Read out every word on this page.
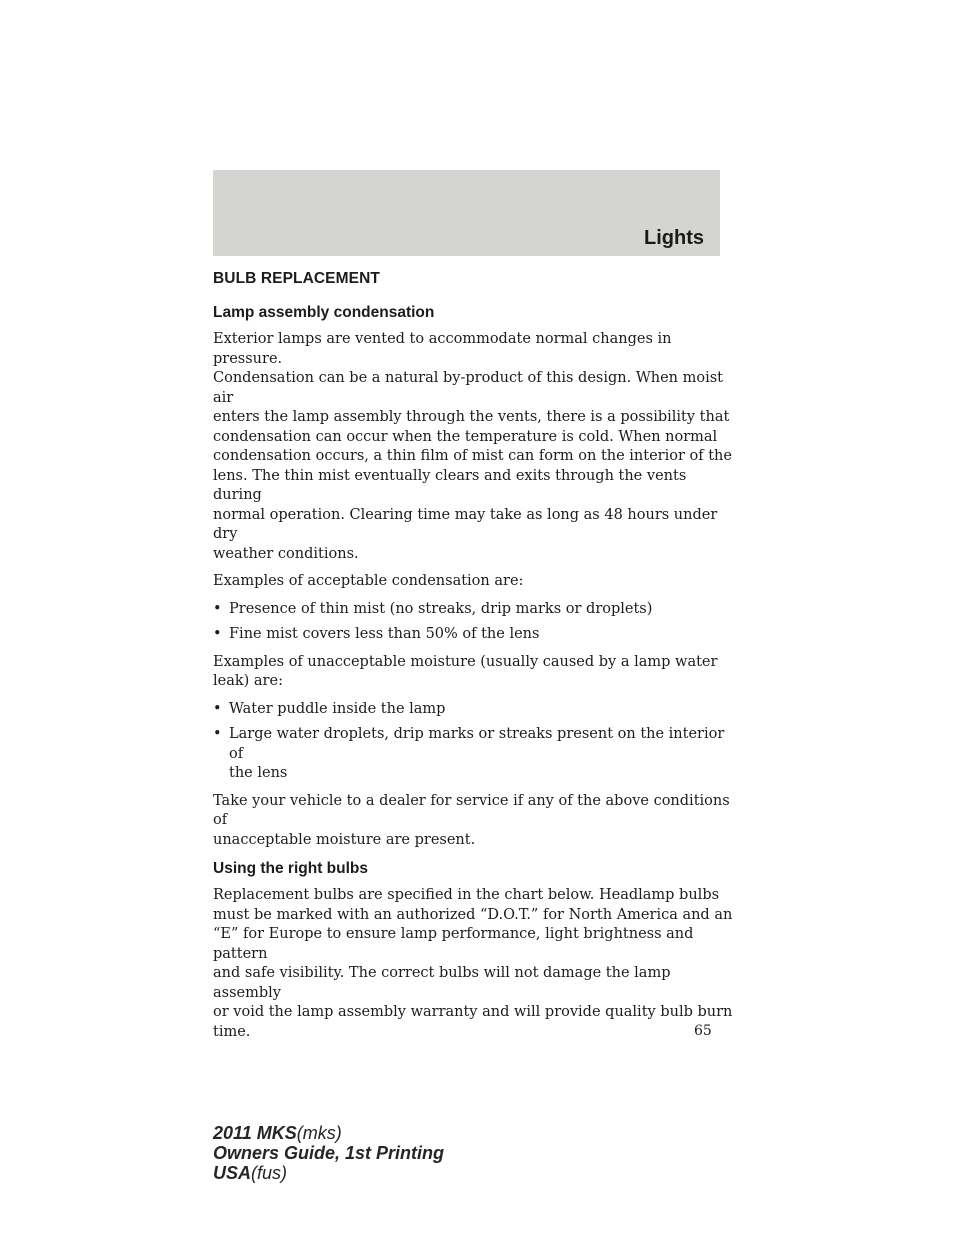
Lights
BULB REPLACEMENT
Lamp assembly condensation

Exterior lamps are vented to accommodate normal changes in pressure.
Condensation can be a natural by-product of this design. When moist air
enters the lamp assembly through the vents, there is a possibility that
condensation can occur when the temperature is cold. When normal
condensation occurs, a thin film of mist can form on the interior of the
lens. The thin mist eventually clears and exits through the vents during
normal operation. Clearing time may take as long as 48 hours under dry
weather conditions.

Examples of acceptable condensation are:

• Presence of thin mist (no streaks, drip marks or droplets)
• Fine mist covers less than 50% of the lens

Examples of unacceptable moisture (usually caused by a lamp water
leak) are:

• Water puddle inside the lamp
• Large water droplets, drip marks or streaks present on the interior of
the lens

Take your vehicle to a dealer for service if any of the above conditions of
unacceptable moisture are present.

Using the right bulbs

Replacement bulbs are specified in the chart below. Headlamp bulbs
must be marked with an authorized “D.O.T.” for North America and an
“E” for Europe to ensure lamp performance, light brightness and pattern
and safe visibility. The correct bulbs will not damage the lamp assembly
or void the lamp assembly warranty and will provide quality bulb burn
time.	65
2011 MKS(mks)
Owners Guide, 1st Printing
USA(fus)
